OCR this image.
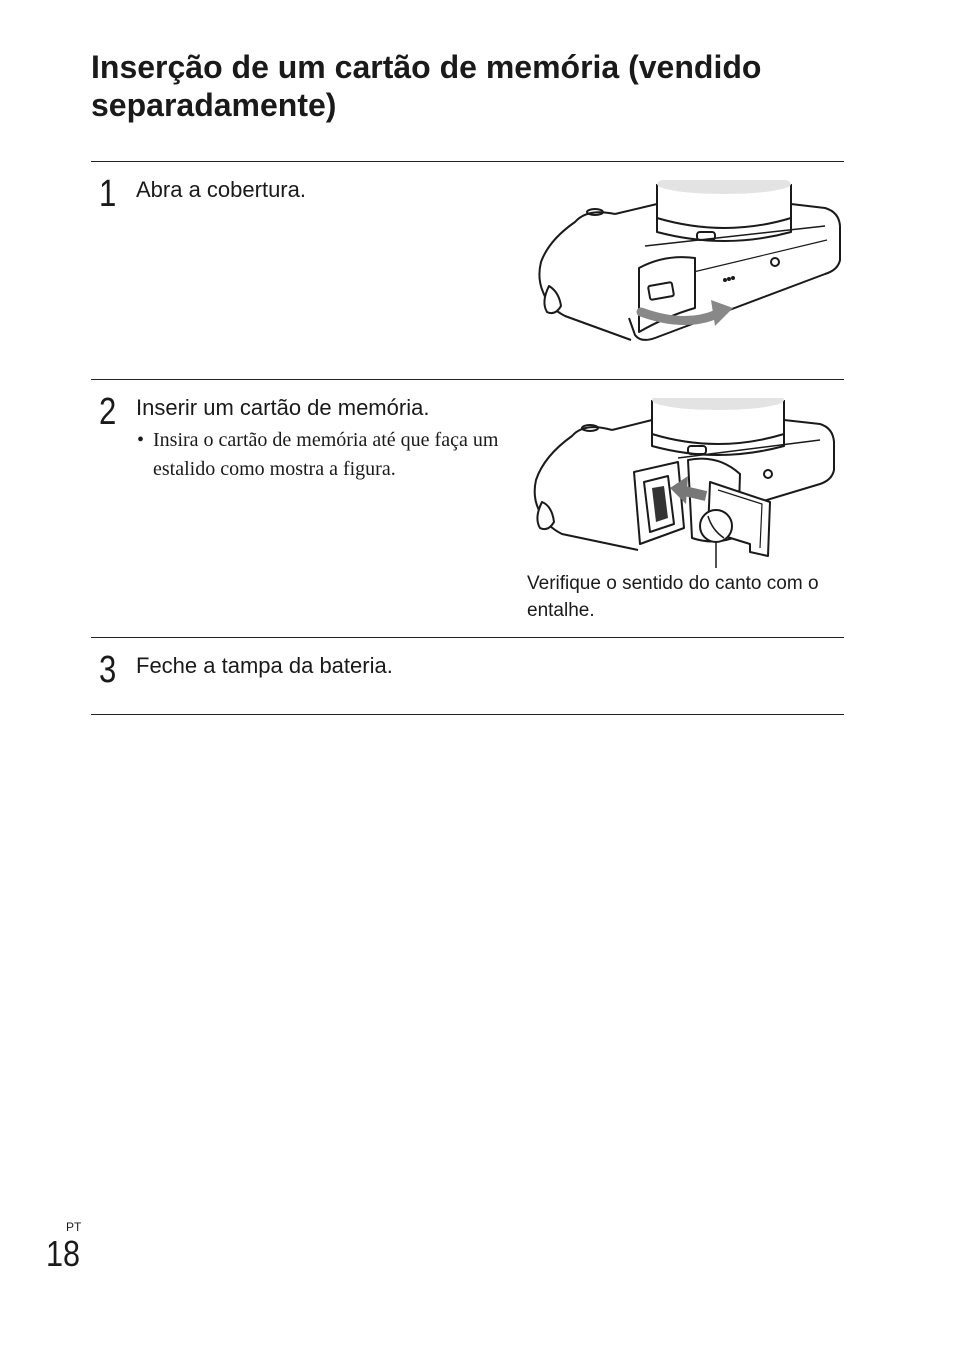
Inserção de um cartão de memória (vendido separadamente)
1 Abra a cobertura.
2 Inserir um cartão de memória.
• Insira o cartão de memória até que faça um estalido como mostra a figura.
Verifique o sentido do canto com o entalhe.
3 Feche a tampa da bateria.
PT
18
